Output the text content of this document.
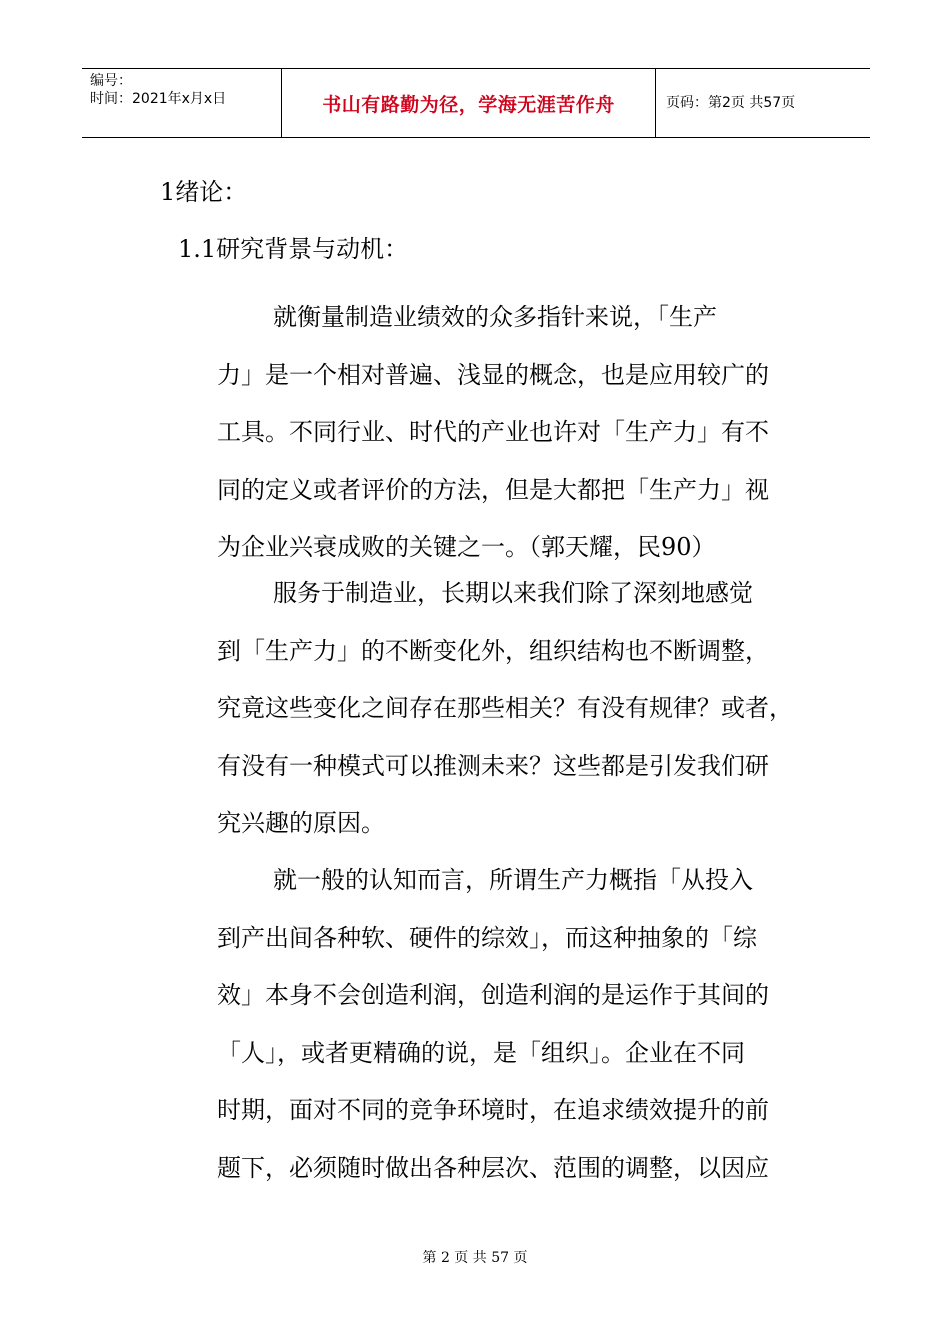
编号：
时间：2021年x月x日	书山有路勤为径，学海无涯苦作舟	页码：第2页 共57页
1绪论：
1.1研究背景与动机：
就衡量制造业绩效的众多指针来说，「生产
力」是一个相对普遍、浅显的概念，也是应用较广的
工具。不同行业、时代的产业也许对「生产力」有不
同的定义或者评价的方法，但是大都把「生产力」视
为企业兴衰成败的关键之一。（郭天耀，民90）
服务于制造业，长期以来我们除了深刻地感觉
到「生产力」的不断变化外，组织结构也不断调整，
究竟这些变化之间存在那些相关？有没有规律？或者，
有没有一种模式可以推测未来？这些都是引发我们研
究兴趣的原因。
就一般的认知而言，所谓生产力概指「从投入
到产出间各种软、硬件的综效」，而这种抽象的「综
效」本身不会创造利润，创造利润的是运作于其间的
「人」，或者更精确的说，是「组织」。企业在不同
时期，面对不同的竞争环境时，在追求绩效提升的前
题下，必须随时做出各种层次、范围的调整，以因应
第 2 页 共 57 页
